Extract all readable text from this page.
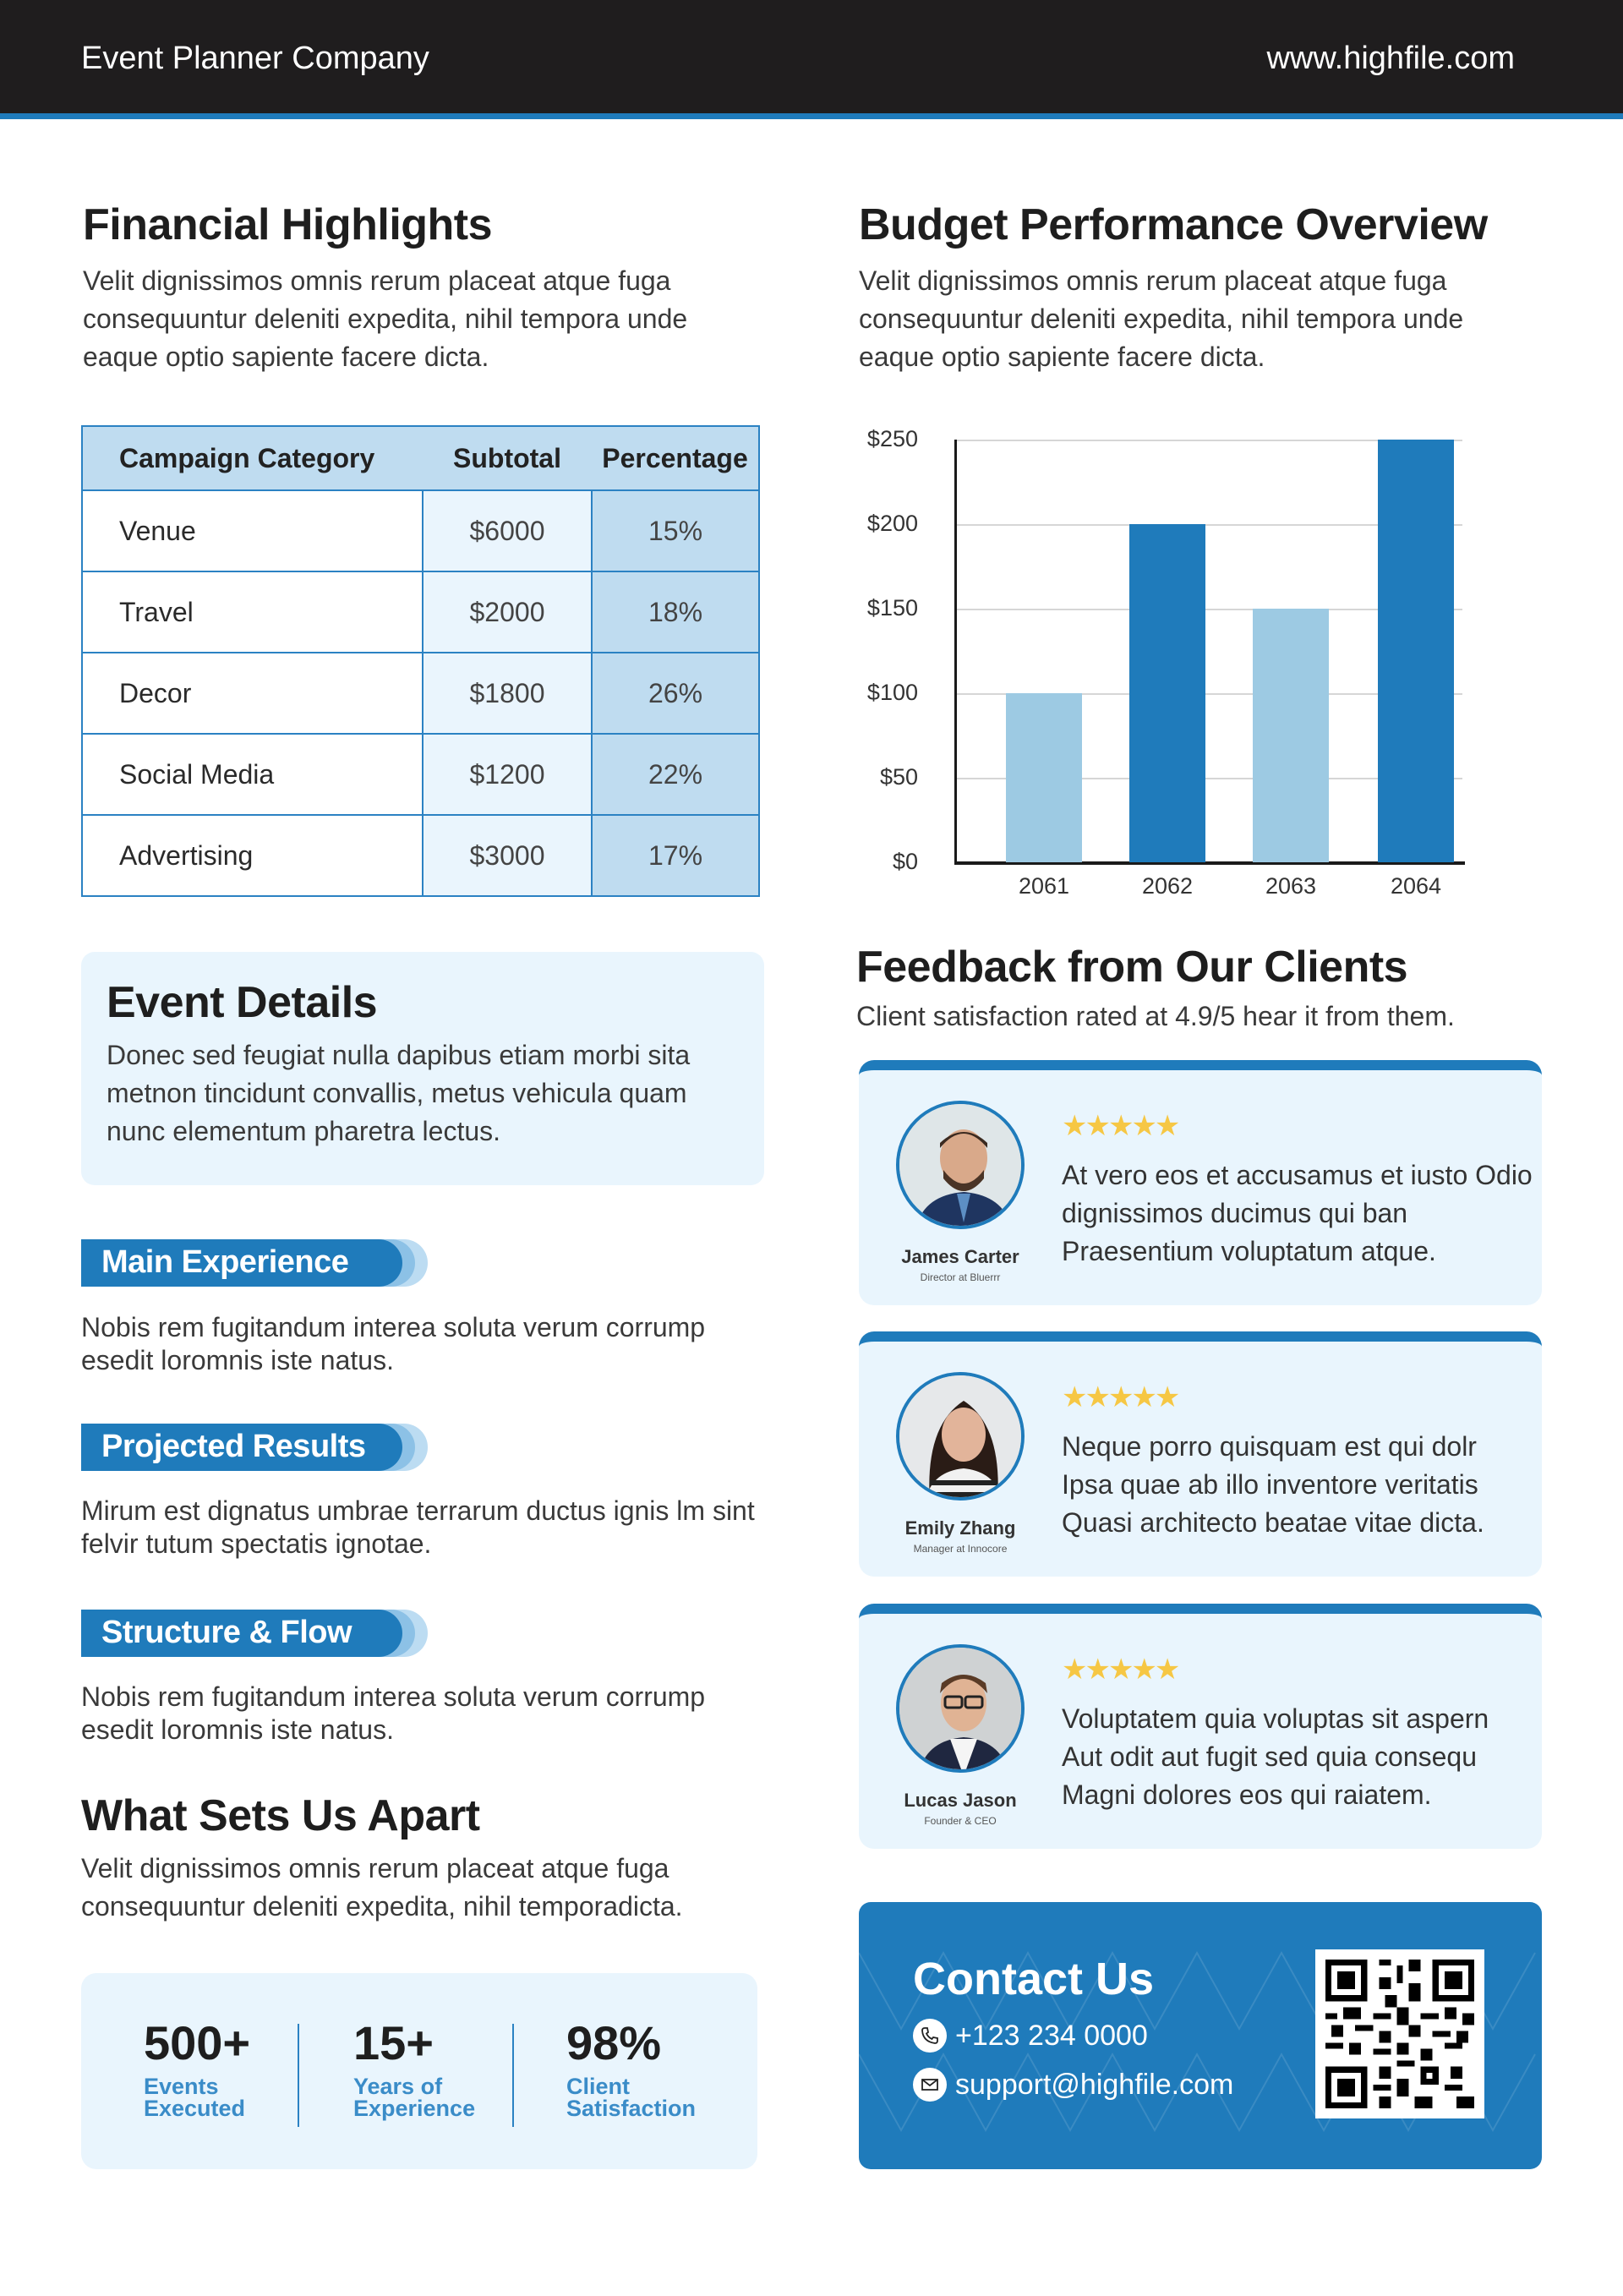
Event Planner Company	www.highfile.com
Financial Highlights
Velit dignissimos omnis rerum placeat atque fuga consequuntur deleniti expedita, nihil tempora unde eaque optio sapiente facere dicta.
Campaign Category	Subtotal	Percentage
Venue	$6000	15%
Travel	$2000	18%
Decor	$1800	26%
Social Media	$1200	22%
Advertising	$3000	17%
Budget Performance Overview
Velit dignissimos omnis rerum placeat atque fuga consequuntur deleniti expedita, nihil tempora unde eaque optio sapiente facere dicta.
$0
$50
$100
$150
$200
$250
2061	2062	2063	2064
Event Details
Donec sed feugiat nulla dapibus etiam morbi sita metnon tincidunt convallis, metus vehicula quam nunc elementum pharetra lectus.
Main Experience
Nobis rem fugitandum interea soluta verum corrump esedit loromnis iste natus.
Projected Results
Mirum est dignatus umbrae terrarum ductus ignis lm sint felvir tutum spectatis ignotae.
Structure & Flow
Nobis rem fugitandum interea soluta verum corrump esedit loromnis iste natus.
What Sets Us Apart
Velit dignissimos omnis rerum placeat atque fuga consequuntur deleniti expedita, nihil temporadicta.
500+
Events
Executed
15+
Years of
Experience
98%
Client
Satisfaction
Feedback from Our Clients
Client satisfaction rated at 4.9/5 hear it from them.
James Carter
Director at Bluerrr
★★★★★
At vero eos et accusamus et iusto Odio dignissimos ducimus qui ban Praesentium voluptatum atque.
Emily Zhang
Manager at Innocore
★★★★★
Neque porro quisquam est qui dolr Ipsa quae ab illo inventore veritatis Quasi architecto beatae vitae dicta.
Lucas Jason
Founder & CEO
★★★★★
Voluptatem quia voluptas sit aspern Aut odit aut fugit sed quia consequ Magni dolores eos qui raiatem.
Contact Us
+123 234 0000
support@highfile.com
